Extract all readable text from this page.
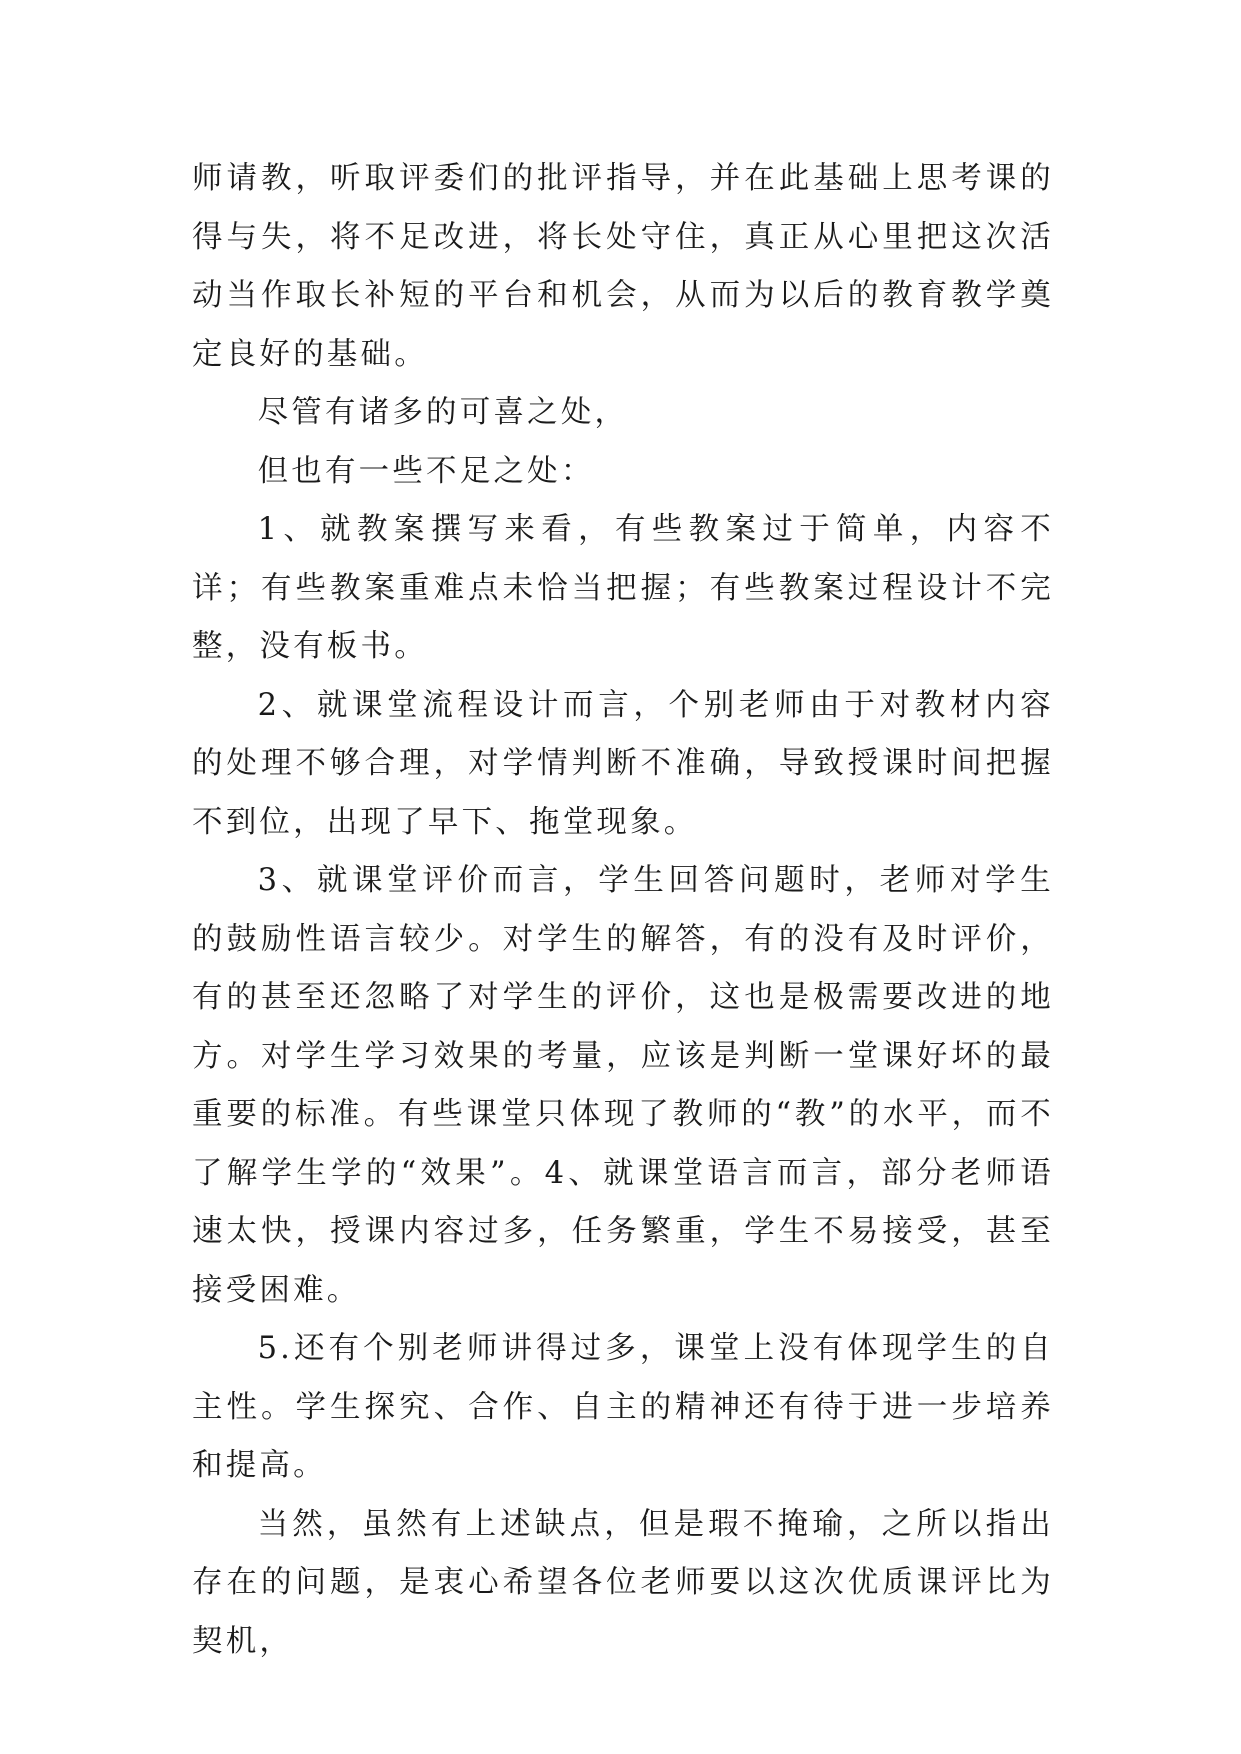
师请教，听取评委们的批评指导，并在此基础上思考课的得与失，将不足改进，将长处守住，真正从心里把这次活动当作取长补短的平台和机会，从而为以后的教育教学奠定良好的基础。

尽管有诸多的可喜之处，

但也有一些不足之处：

1、就教案撰写来看，有些教案过于简单，内容不详；有些教案重难点未恰当把握；有些教案过程设计不完整，没有板书。

2、就课堂流程设计而言，个别老师由于对教材内容的处理不够合理，对学情判断不准确，导致授课时间把握不到位，出现了早下、拖堂现象。

3、就课堂评价而言，学生回答问题时，老师对学生的鼓励性语言较少。对学生的解答，有的没有及时评价，有的甚至还忽略了对学生的评价，这也是极需要改进的地方。对学生学习效果的考量，应该是判断一堂课好坏的最重要的标准。有些课堂只体现了教师的“教”的水平，而不了解学生学的“效果”。4、就课堂语言而言，部分老师语速太快，授课内容过多，任务繁重，学生不易接受，甚至接受困难。

5.还有个别老师讲得过多，课堂上没有体现学生的自主性。学生探究、合作、自主的精神还有待于进一步培养和提高。

当然，虽然有上述缺点，但是瑕不掩瑜，之所以指出存在的问题，是衷心希望各位老师要以这次优质课评比为契机，
